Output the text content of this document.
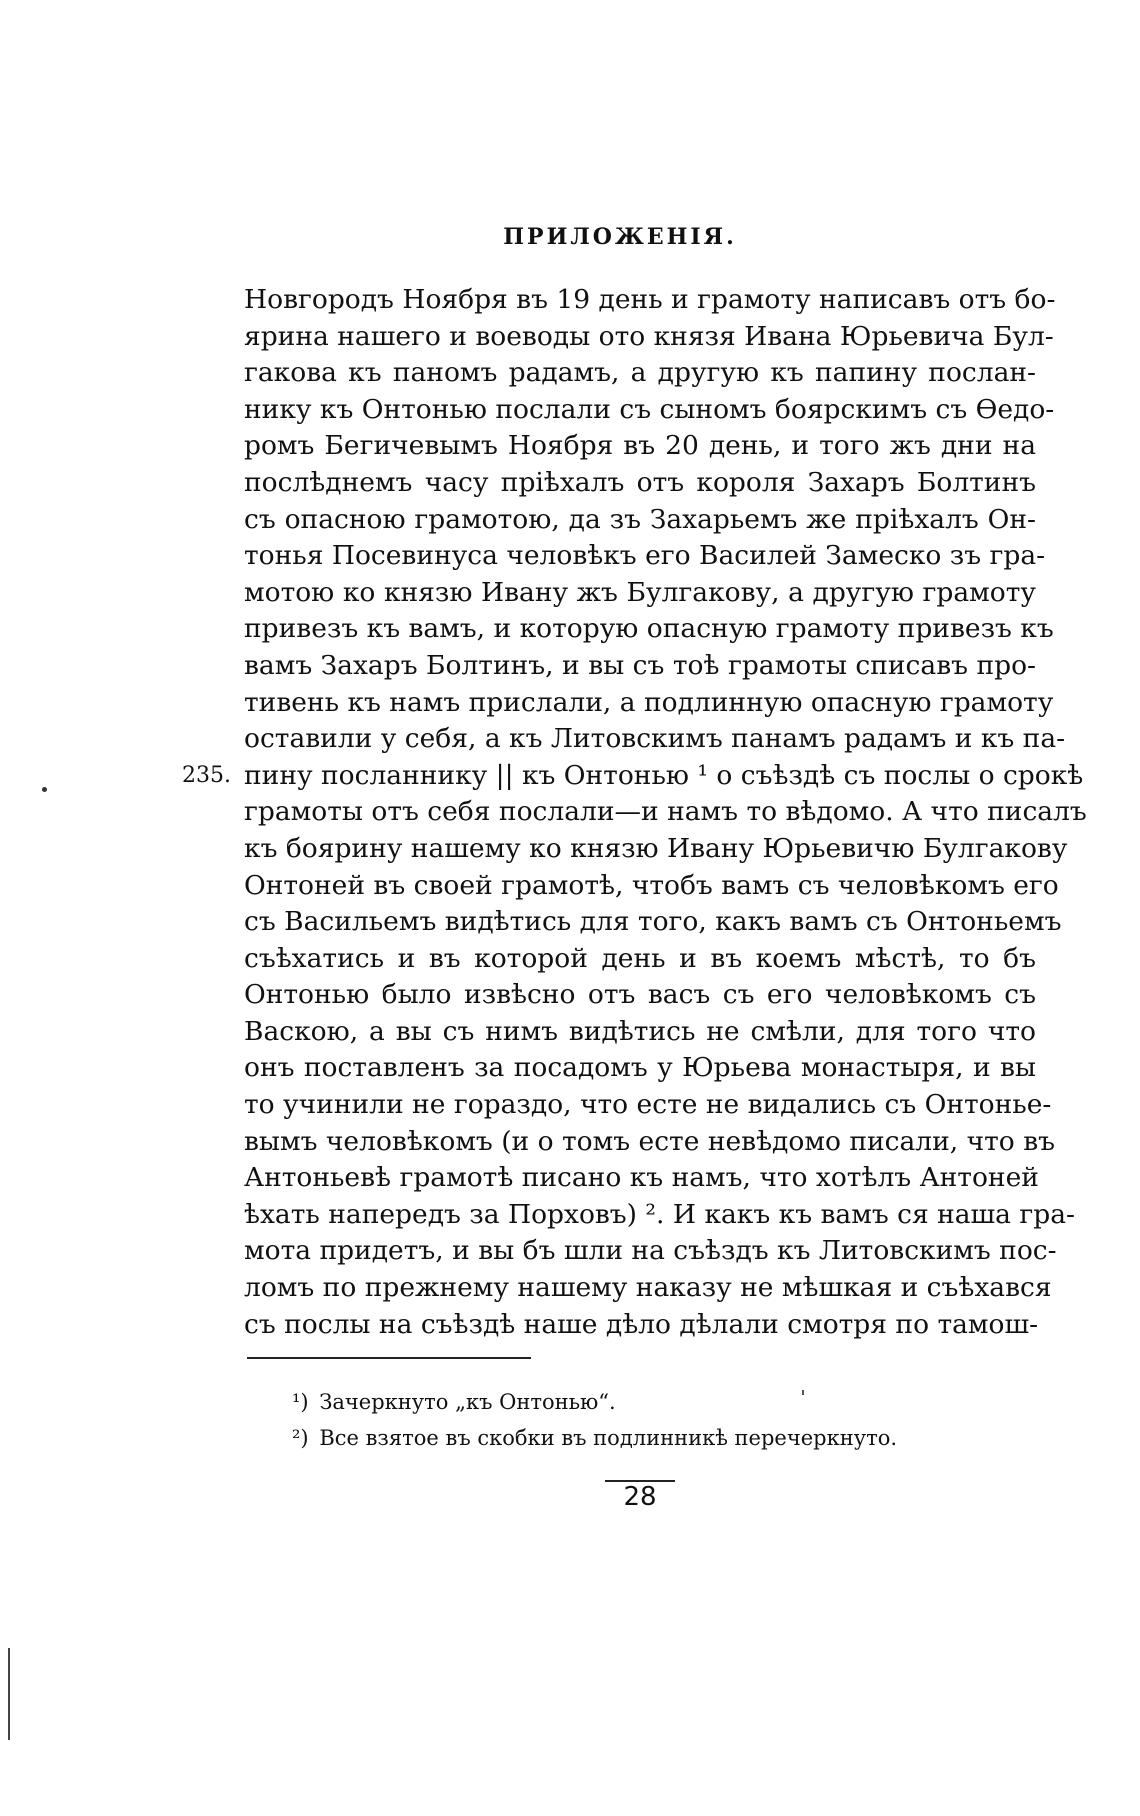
ПРИЛОЖЕНІЯ.
235.
Новгородъ Ноября въ 19 день и грамоту написавъ отъ бо-
ярина нашего и воеводы ото князя Ивана Юрьевича Бул-
гакова къ паномъ радамъ, а другую къ папину послан-
нику къ Онтонью послали съ сыномъ боярскимъ съ Ѳедо-
ромъ Бегичевымъ Ноября въ 20 день, и того жъ дни на
послѣднемъ часу пріѣхалъ отъ короля Захаръ Болтинъ
съ опасною грамотою, да зъ Захарьемъ же пріѣхалъ Он-
тонья Посевинуса человѣкъ его Василей Замеско зъ гра-
мотою ко князю Ивану жъ Булгакову, а другую грамоту
привезъ къ вамъ, и которую опасную грамоту привезъ къ
вамъ Захаръ Болтинъ, и вы съ тоѣ грамоты списавъ про-
тивень къ намъ прислали, а подлинную опасную грамоту
оставили у себя, а къ Литовскимъ панамъ радамъ и къ па-
пину посланнику || къ Онтонью ¹ о съѣздѣ съ послы о срокѣ
грамоты отъ себя послали—и намъ то вѣдомо. А что писалъ
къ боярину нашему ко князю Ивану Юрьевичю Булгакову
Онтоней въ своей грамотѣ, чтобъ вамъ съ человѣкомъ его
съ Васильемъ видѣтись для того, какъ вамъ съ Онтоньемъ
съѣхатись и въ которой день и въ коемъ мѣстѣ, то бъ
Онтонью было извѣсно отъ васъ съ его человѣкомъ съ
Васкою, а вы съ нимъ видѣтись не смѣли, для того что
онъ поставленъ за посадомъ у Юрьева монастыря, и вы
то учинили не гораздо, что есте не видались съ Онтонье-
вымъ человѣкомъ (и о томъ есте невѣдомо писали, что въ
Антоньевѣ грамотѣ писано къ намъ, что хотѣлъ Антоней
ѣхать напередъ за Порховъ) ². И какъ къ вамъ ся наша гра-
мота придетъ, и вы бъ шли на съѣздъ къ Литовскимъ пос-
ломъ по прежнему нашему наказу не мѣшкая и съѣхався
съ послы на съѣздѣ наше дѣло дѣлали смотря по тамош-
¹) Зачеркнуто „къ Онтонью“.
²) Все взятое въ скобки въ подлинникѣ перечеркнуто.
28
